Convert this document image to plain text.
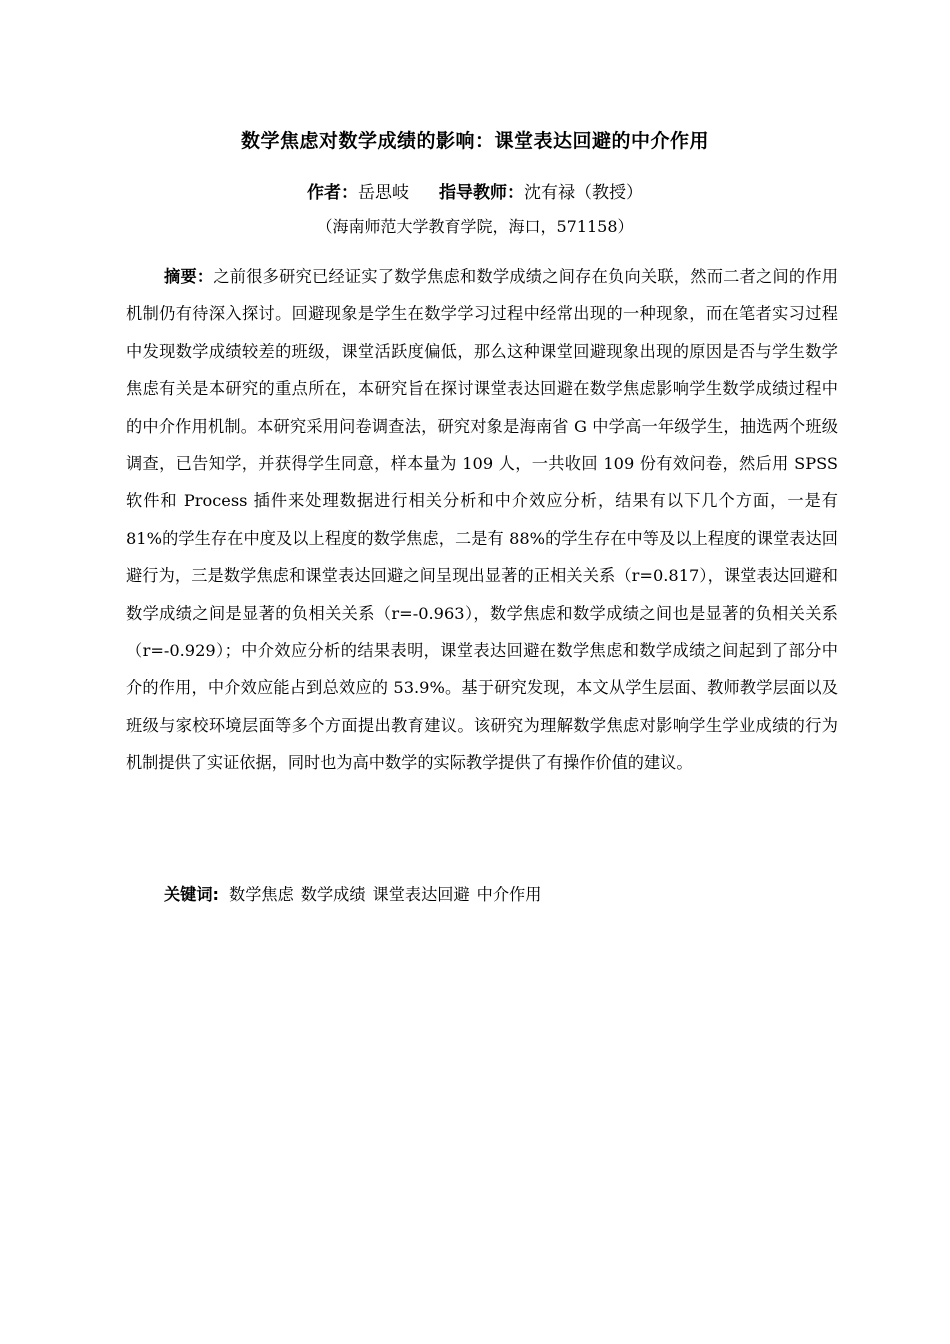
数学焦虑对数学成绩的影响：课堂表达回避的中介作用
作者：岳思岐 指导教师：沈有禄（教授）
（海南师范大学教育学院，海口，571158）

摘要：之前很多研究已经证实了数学焦虑和数学成绩之间存在负向关联，然而二者之间的作用机制仍有待深入探讨。回避现象是学生在数学学习过程中经常出现的一种现象，而在笔者实习过程中发现数学成绩较差的班级，课堂活跃度偏低，那么这种课堂回避现象出现的原因是否与学生数学焦虑有关是本研究的重点所在，本研究旨在探讨课堂表达回避在数学焦虑影响学生数学成绩过程中的中介作用机制。本研究采用问卷调查法，研究对象是海南省 G 中学高一年级学生，抽选两个班级调查，已告知学，并获得学生同意，样本量为 109 人，一共收回 109 份有效问卷，然后用 SPSS 软件和 Process 插件来处理数据进行相关分析和中介效应分析，结果有以下几个方面，一是有 81%的学生存在中度及以上程度的数学焦虑，二是有 88%的学生存在中等及以上程度的课堂表达回避行为，三是数学焦虑和课堂表达回避之间呈现出显著的正相关关系（r=0.817），课堂表达回避和数学成绩之间是显著的负相关关系（r=-0.963），数学焦虑和数学成绩之间也是显著的负相关关系（r=-0.929）；中介效应分析的结果表明，课堂表达回避在数学焦虑和数学成绩之间起到了部分中介的作用，中介效应能占到总效应的 53.9%。基于研究发现，本文从学生层面、教师教学层面以及班级与家校环境层面等多个方面提出教育建议。该研究为理解数学焦虑对影响学生学业成绩的行为机制提供了实证依据，同时也为高中数学的实际教学提供了有操作价值的建议。

关键词: 数学焦虑 数学成绩 课堂表达回避 中介作用
